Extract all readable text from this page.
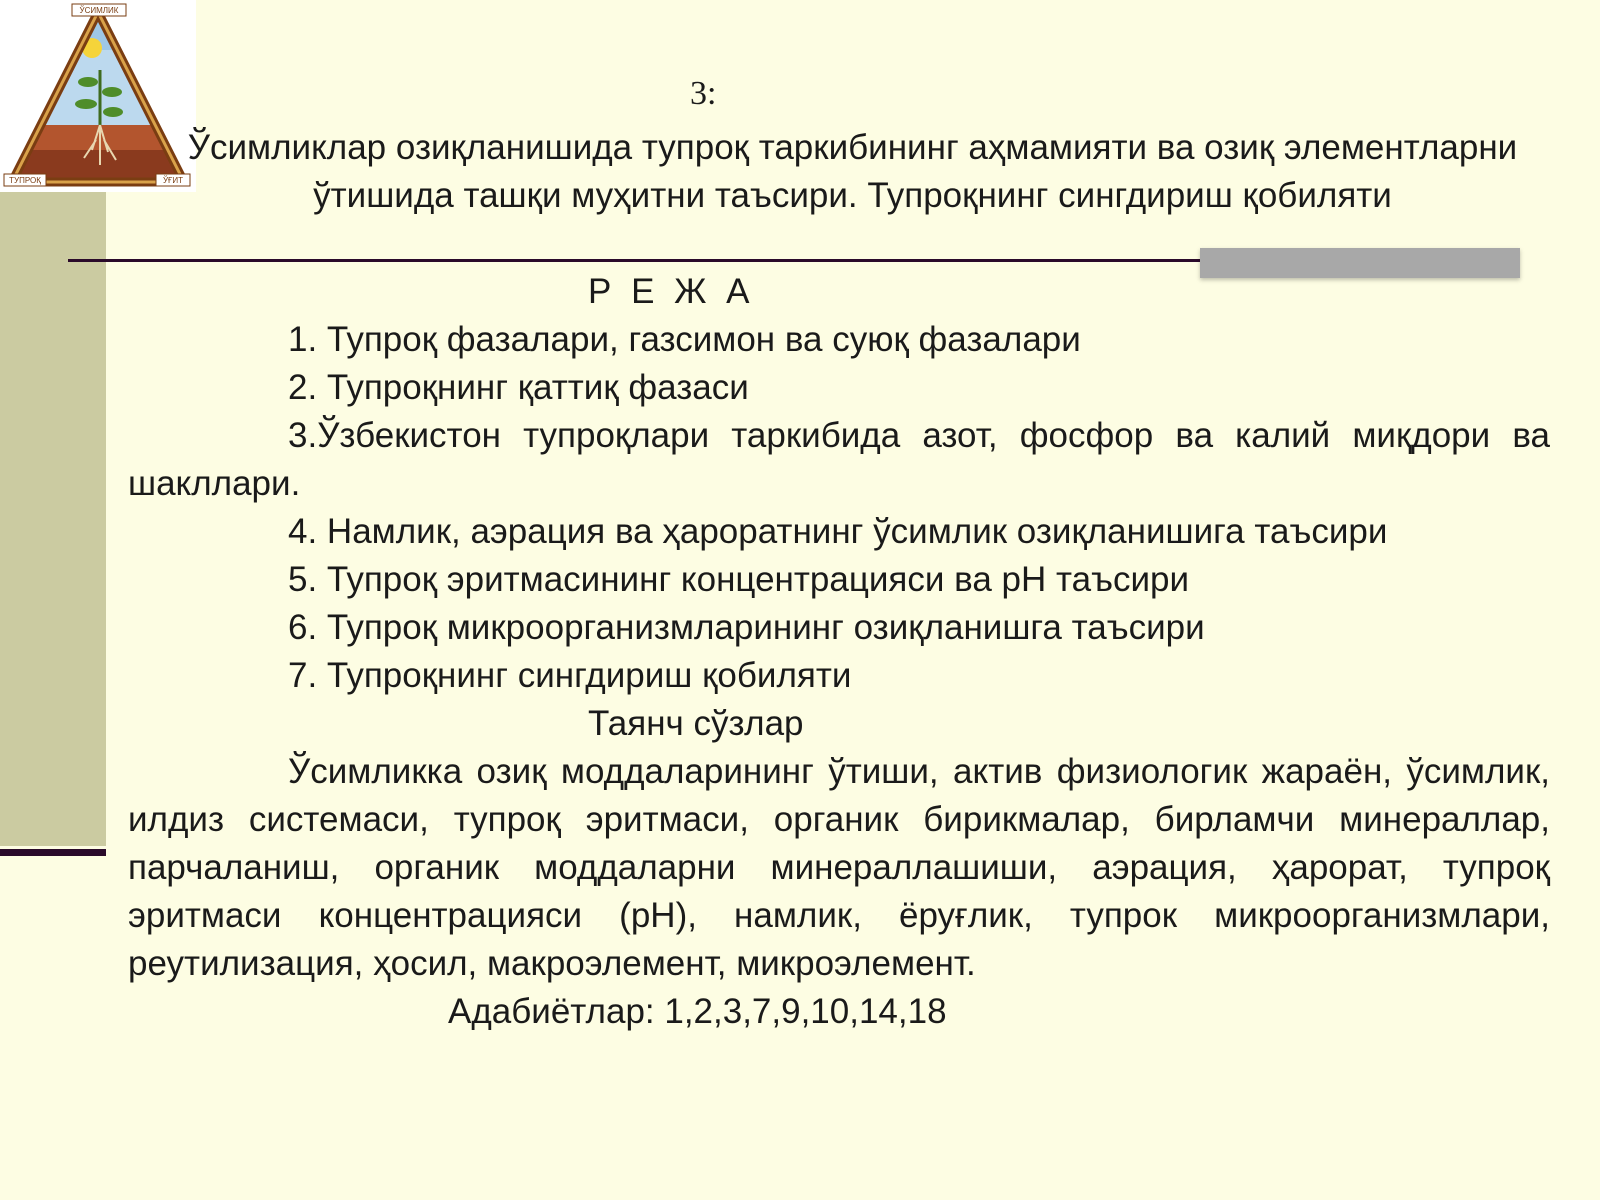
ЎСИМЛИК
ТУПРОҚ	ЎҒИТ
3:
Ўсимликлар озиқланишида тупроқ таркибининг аҳмамияти ва озиқ элементларни ўтишида ташқи муҳитни таъсири. Тупроқнинг сингдириш қобиляти

Р Е Ж А

1. Тупроқ фазалари, газсимон ва суюқ фазалари

2. Тупроқнинг қаттиқ фазаси

3.Ўзбекистон тупроқлари таркибида азот, фосфор ва калий миқдори ва шакллари.

4. Намлик, аэрация ва ҳароратнинг ўсимлик озиқланишига таъсири

5. Тупроқ эритмасининг концентрацияси ва рН таъсири

6. Тупроқ микроорганизмларининг озиқланишга таъсири

7. Тупроқнинг сингдириш қобиляти

Таянч сўзлар

Ўсимликка озиқ моддаларининг ўтиши, актив физиологик жараён, ўсимлик, илдиз системаси, тупроқ эритмаси, органик бирикмалар, бирламчи минераллар, парчаланиш, органик моддаларни минераллашиши, аэрация, ҳарорат, тупроқ эритмаси концентрацияси (рН), намлик, ёруғлик, тупрок микроорганизмлари, реутилизация, ҳосил, макроэлемент, микроэлемент.

Адабиётлар: 1,2,3,7,9,10,14,18
